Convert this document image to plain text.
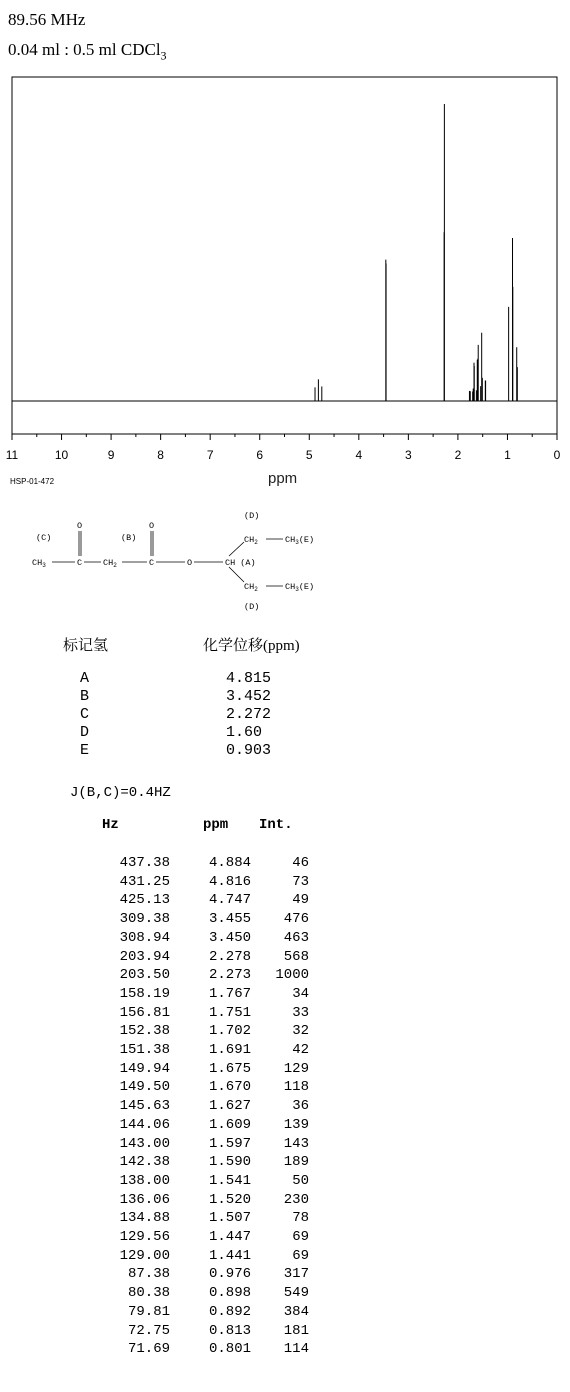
89.56 MHz
0.04 ml : 0.5 ml CDCl$_3$
11	10	9	8	7	6	5	4	3	2	1	0
ppm
HSP-01-472
(C)
O
(B)
O
(D)
$CH_3$	C $CH_2$	C	O	CH (A)
$CH_2$	$CH_3(E)$
$CH_2$	$CH_3(E)$
(D)
标记氢	化学位移(ppm)
A	4.815
B	3.452
C	2.272
D	1.60
E	0.903
J(B,C)=0.4HZ
Hz	ppm Int.
437.38	4.884	46
431.25	4.816	73
425.13	4.747	49
309.38	3.455 476
308.94	3.450 463
203.94	2.278 568
203.50	2.273 1000
158.19	1.767	34
156.81	1.751	33
152.38	1.702	32
151.38	1.691	42
149.94	1.675 129
149.50	1.670 118
145.63	1.627	36
144.06	1.609 139
143.00	1.597 143
142.38	1.590 189
138.00	1.541	50
136.06	1.520 230
134.88	1.507	78
129.56	1.447	69
129.00	1.441	69
87.38	0.976 317
80.38	0.898 549
79.81	0.892 384
72.75	0.813 181
71.69	0.801 114
